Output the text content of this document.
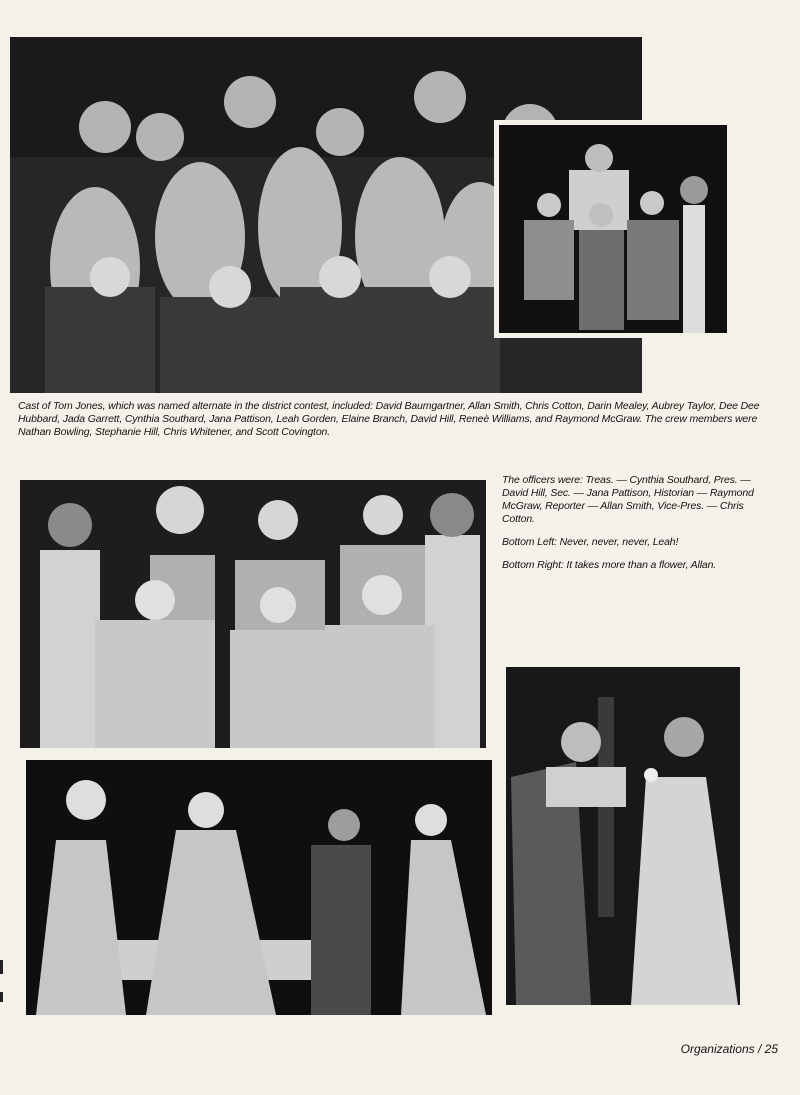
Cast of Tom Jones, which was named alternate in the district contest, included: David Baumgartner, Allan Smith, Chris Cotton, Darin Mealey, Aubrey Taylor, Dee Dee Hubbard, Jada Garrett, Cynthia Southard, Jana Pattison, Leah Gorden, Elaine Branch, David Hill, Reneè Williams, and Raymond McGraw. The crew members were Nathan Bowling, Stephanie Hill, Chris Whitener, and Scott Covington.

The officers were: Treas. — Cynthia Southard, Pres. — David Hill, Sec. — Jana Pattison, Historian — Raymond McGraw, Reporter — Allan Smith, Vice-Pres. — Chris Cotton.

Bottom Left: Never, never, never, Leah!

Bottom Right: It takes more than a flower, Allan.

Organizations / 25
